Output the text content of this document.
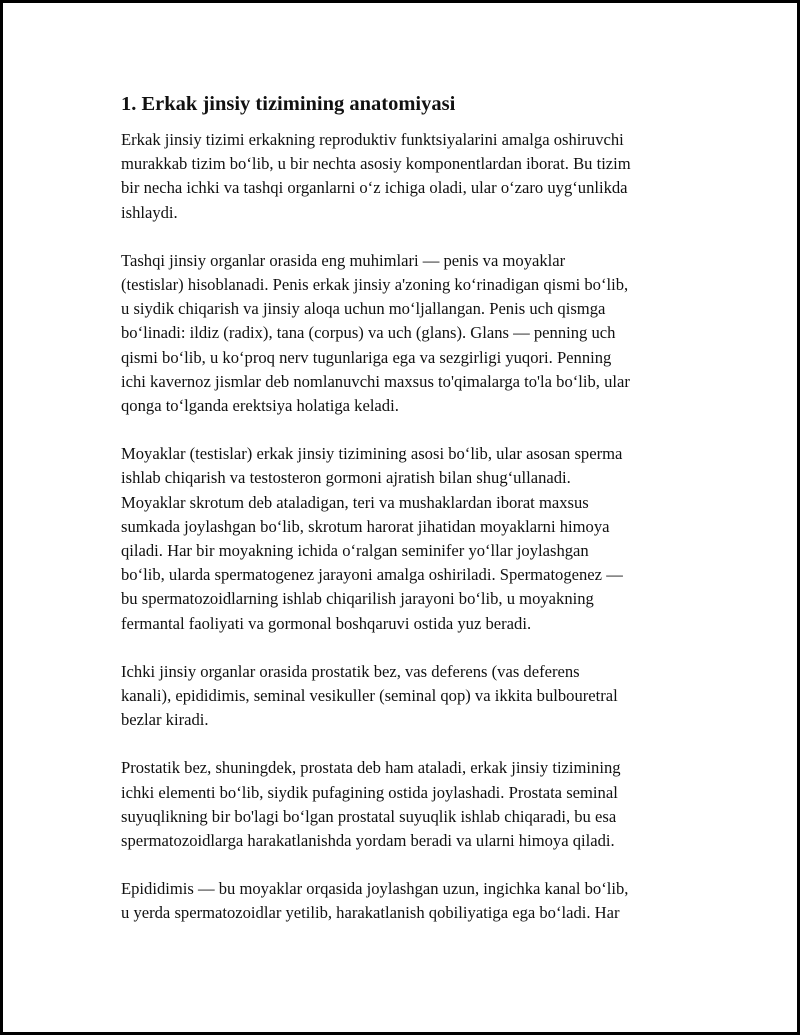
1. Erkak jinsiy tizimining anatomiyasi

Erkak jinsiy tizimi erkakning reproduktiv funktsiyalarini amalga oshiruvchi
murakkab tizim bo‘lib, u bir nechta asosiy komponentlardan iborat. Bu tizim
bir necha ichki va tashqi organlarni o‘z ichiga oladi, ular o‘zaro uyg‘unlikda
ishlaydi.

Tashqi jinsiy organlar orasida eng muhimlari — penis va moyaklar
(testislar) hisoblanadi. Penis erkak jinsiy a'zoning ko‘rinadigan qismi bo‘lib,
u siydik chiqarish va jinsiy aloqa uchun mo‘ljallangan. Penis uch qismga
bo‘linadi: ildiz (radix), tana (corpus) va uch (glans). Glans — penning uch
qismi bo‘lib, u ko‘proq nerv tugunlariga ega va sezgirligi yuqori. Penning
ichi kavernoz jismlar deb nomlanuvchi maxsus to'qimalarga to'la bo‘lib, ular
qonga to‘lganda erektsiya holatiga keladi.

Moyaklar (testislar) erkak jinsiy tizimining asosi bo‘lib, ular asosan sperma
ishlab chiqarish va testosteron gormoni ajratish bilan shug‘ullanadi.
Moyaklar skrotum deb ataladigan, teri va mushaklardan iborat maxsus
sumkada joylashgan bo‘lib, skrotum harorat jihatidan moyaklarni himoya
qiladi. Har bir moyakning ichida o‘ralgan seminifer yo‘llar joylashgan
bo‘lib, ularda spermatogenez jarayoni amalga oshiriladi. Spermatogenez —
bu spermatozoidlarning ishlab chiqarilish jarayoni bo‘lib, u moyakning
fermantal faoliyati va gormonal boshqaruvi ostida yuz beradi.

Ichki jinsiy organlar orasida prostatik bez, vas deferens (vas deferens
kanali), epididimis, seminal vesikuller (seminal qop) va ikkita bulbouretral
bezlar kiradi.

Prostatik bez, shuningdek, prostata deb ham ataladi, erkak jinsiy tizimining
ichki elementi bo‘lib, siydik pufagining ostida joylashadi. Prostata seminal
suyuqlikning bir bo'lagi bo‘lgan prostatal suyuqlik ishlab chiqaradi, bu esa
spermatozoidlarga harakatlanishda yordam beradi va ularni himoya qiladi.

Epididimis — bu moyaklar orqasida joylashgan uzun, ingichka kanal bo‘lib,
u yerda spermatozoidlar yetilib, harakatlanish qobiliyatiga ega bo‘ladi. Har
